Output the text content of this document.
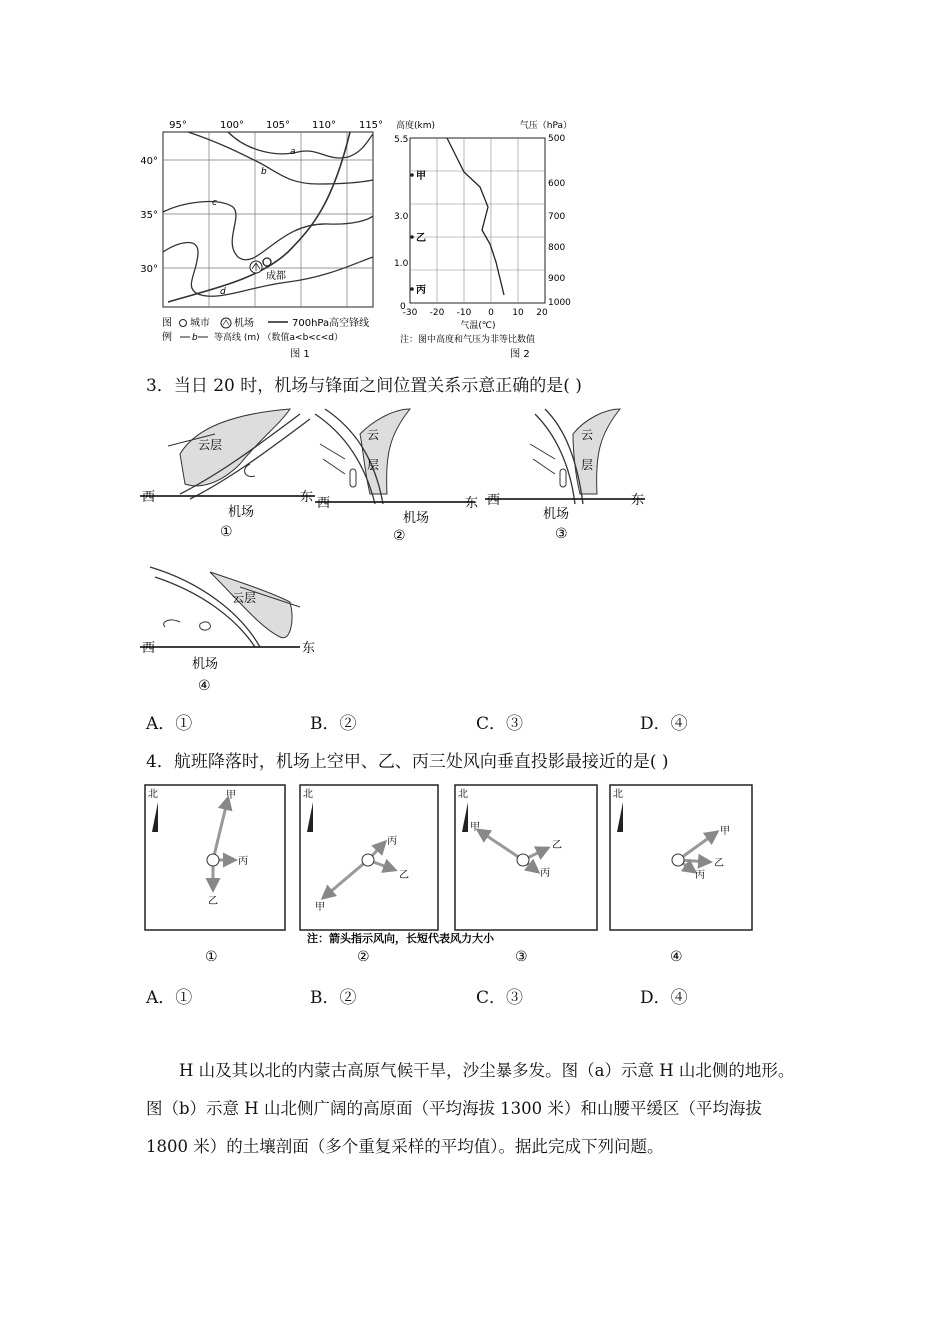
95°	100° 105° 110° 115°
40°
35°
30°
a
b
c
d
成都
图
例
城市 机场	700hPa高空锋线
b 等高线 (m) （数值a<b<c<d）
图 1
高度(km)	气压（hPa）
5.5
3.0
1.0
0
500
600
700
800
900
1000
甲
乙
丙
-30 -20 -10 0 10 20
气温(℃)
注：图中高度和气压为非等比数值
图 2
3．当日 20 时，机场与锋面之间位置关系示意正确的是( )
云层
西	东
机场
①
云
层
西	东
机场
②
云
层
西	东
机场
③
云层
西	东
机场
④
A．①	B．②	C．③	D．④
4．航班降落时，机场上空甲、乙、丙三处风向垂直投影最接近的是( )
北	甲
丙
乙
①
北
甲
丙
乙
②
注：箭头指示风向，长短代表风力大小
北
甲
乙
丙
③
北
甲
乙
丙
④
A．①	B．②	C．③	D．④
H 山及其以北的内蒙古高原气候干旱，沙尘暴多发。图（a）示意 H 山北侧的地形。图（b）示意 H 山北侧广阔的高原面（平均海拔 1300 米）和山腰平缓区（平均海拔 1800 米）的土壤剖面（多个重复采样的平均值）。据此完成下列问题。
